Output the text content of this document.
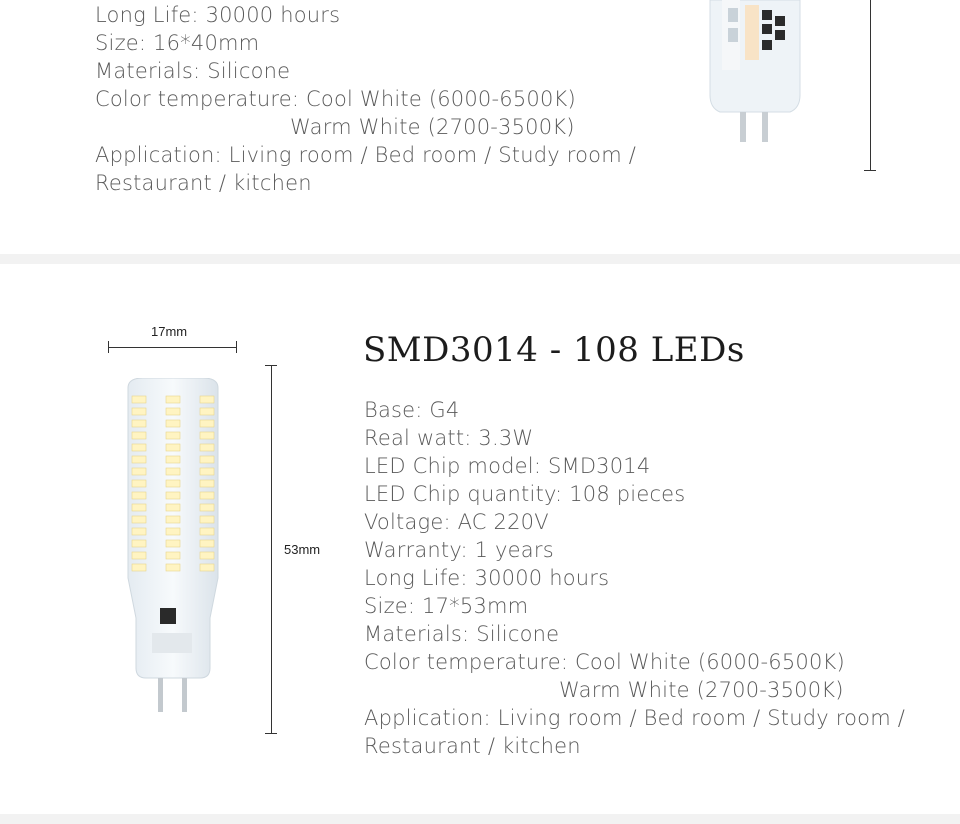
Long Life: 30000 hours
Size: 16*40mm
Materials: Silicone
Color temperature: Cool White (6000-6500K)
Warm White (2700-3500K)
Application: Living room / Bed room / Study room /
Restaurant / kitchen
17mm
53mm
SMD3014 - 108 LEDs
Base: G4
Real watt: 3.3W
LED Chip model: SMD3014
LED Chip quantity: 108 pieces
Voltage: AC 220V
Warranty: 1 years
Long Life: 30000 hours
Size: 17*53mm
Materials: Silicone
Color temperature: Cool White (6000-6500K)
Warm White (2700-3500K)
Application: Living room / Bed room / Study room /
Restaurant / kitchen
